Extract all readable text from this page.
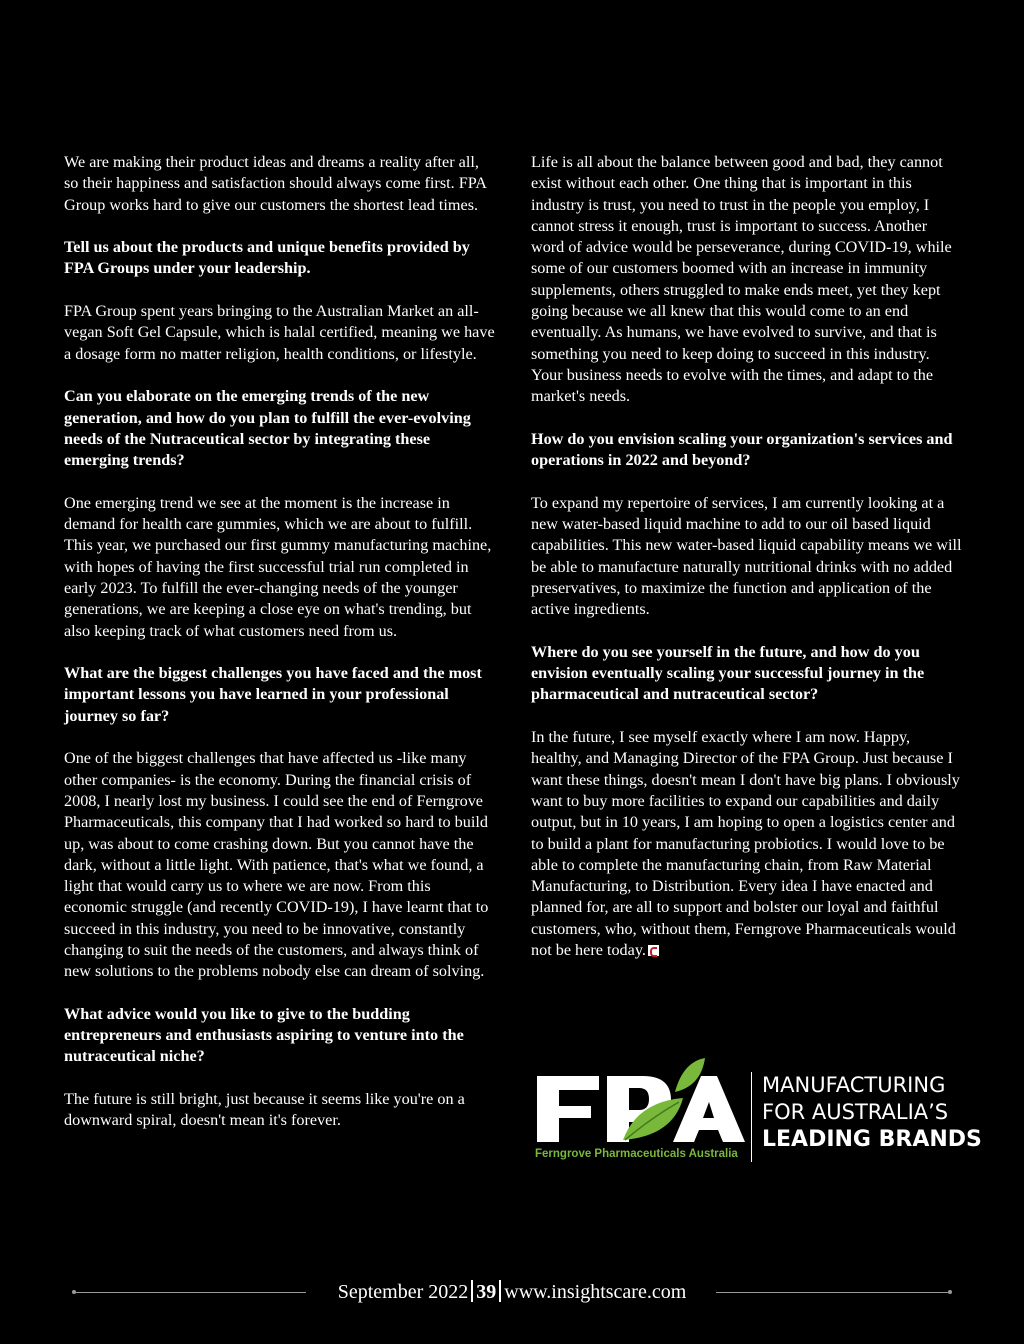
We are making their product ideas and dreams a reality after all, so their happiness and satisfaction should always come first. FPA Group works hard to give our customers the shortest lead times.

Tell us about the products and unique benefits provided by FPA Groups under your leadership.

FPA Group spent years bringing to the Australian Market an all-vegan Soft Gel Capsule, which is halal certified, meaning we have a dosage form no matter religion, health conditions, or lifestyle.

Can you elaborate on the emerging trends of the new generation, and how do you plan to fulfill the ever-evolving needs of the Nutraceutical sector by integrating these emerging trends?

One emerging trend we see at the moment is the increase in demand for health care gummies, which we are about to fulfill. This year, we purchased our first gummy manufacturing machine, with hopes of having the first successful trial run completed in early 2023. To fulfill the ever-changing needs of the younger generations, we are keeping a close eye on what's trending, but also keeping track of what customers need from us.

What are the biggest challenges you have faced and the most important lessons you have learned in your professional journey so far?

One of the biggest challenges that have affected us -like many other companies- is the economy. During the financial crisis of 2008, I nearly lost my business. I could see the end of Ferngrove Pharmaceuticals, this company that I had worked so hard to build up, was about to come crashing down. But you cannot have the dark, without a little light. With patience, that's what we found, a light that would carry us to where we are now. From this economic struggle (and recently COVID-19), I have learnt that to succeed in this industry, you need to be innovative, constantly changing to suit the needs of the customers, and always think of new solutions to the problems nobody else can dream of solving.

What advice would you like to give to the budding entrepreneurs and enthusiasts aspiring to venture into the nutraceutical niche?

The future is still bright, just because it seems like you're on a downward spiral, doesn't mean it's forever.

Life is all about the balance between good and bad, they cannot exist without each other. One thing that is important in this industry is trust, you need to trust in the people you employ, I cannot stress it enough, trust is important to success. Another word of advice would be perseverance, during COVID-19, while some of our customers boomed with an increase in immunity supplements, others struggled to make ends meet, yet they kept going because we all knew that this would come to an end eventually. As humans, we have evolved to survive, and that is something you need to keep doing to succeed in this industry. Your business needs to evolve with the times, and adapt to the market's needs.

How do you envision scaling your organization's services and operations in 2022 and beyond?

To expand my repertoire of services, I am currently looking at a new water-based liquid machine to add to our oil based liquid capabilities. This new water-based liquid capability means we will be able to manufacture naturally nutritional drinks with no added preservatives, to maximize the function and application of the active ingredients.

Where do you see yourself in the future, and how do you envision eventually scaling your successful journey in the pharmaceutical and nutraceutical sector?

In the future, I see myself exactly where I am now. Happy, healthy, and Managing Director of the FPA Group. Just because I want these things, doesn't mean I don't have big plans. I obviously want to buy more facilities to expand our capabilities and daily output, but in 10 years, I am hoping to open a logistics center and to build a plant for manufacturing probiotics. I would love to be able to complete the manufacturing chain, from Raw Material Manufacturing, to Distribution. Every idea I have enacted and planned for, are all to support and bolster our loyal and faithful customers, who, without them, Ferngrove Pharmaceuticals would not be here today.

Ferngrove Pharmaceuticals Australia
MANUFACTURING
FOR AUSTRALIA’S
LEADING BRANDS
September 2022 39 www.insightscare.com
